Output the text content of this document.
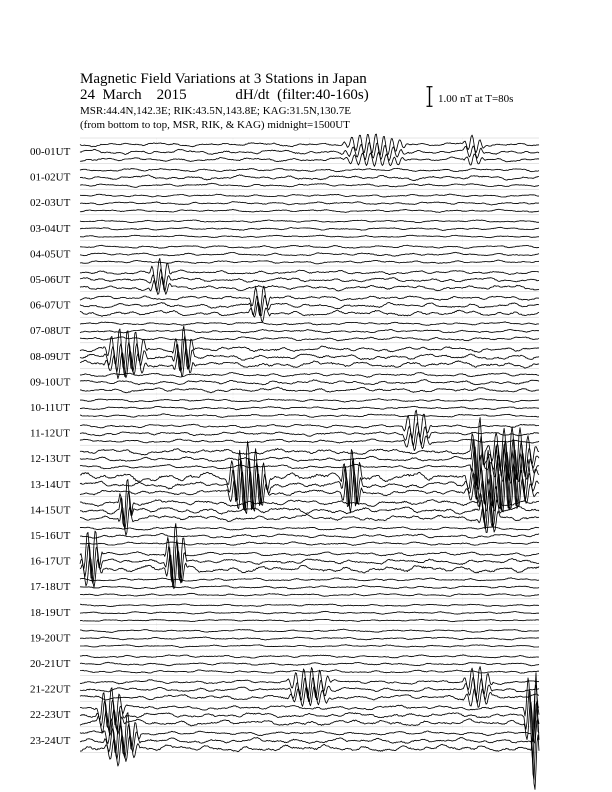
Magnetic Field Variations at 3 Stations in Japan
24 March 2015	dH/dt (filter:40-160s)
MSR:44.4N,142.3E; RIK:43.5N,143.8E; KAG:31.5N,130.7E
(from bottom to top, MSR, RIK, & KAG) midnight=1500UT
1.00 nT at T=80s
00-01UT
01-02UT
02-03UT
03-04UT
04-05UT
05-06UT
06-07UT
07-08UT
08-09UT
09-10UT
10-11UT
11-12UT
12-13UT
13-14UT
14-15UT
15-16UT
16-17UT
17-18UT
18-19UT
19-20UT
20-21UT
21-22UT
22-23UT
23-24UT
